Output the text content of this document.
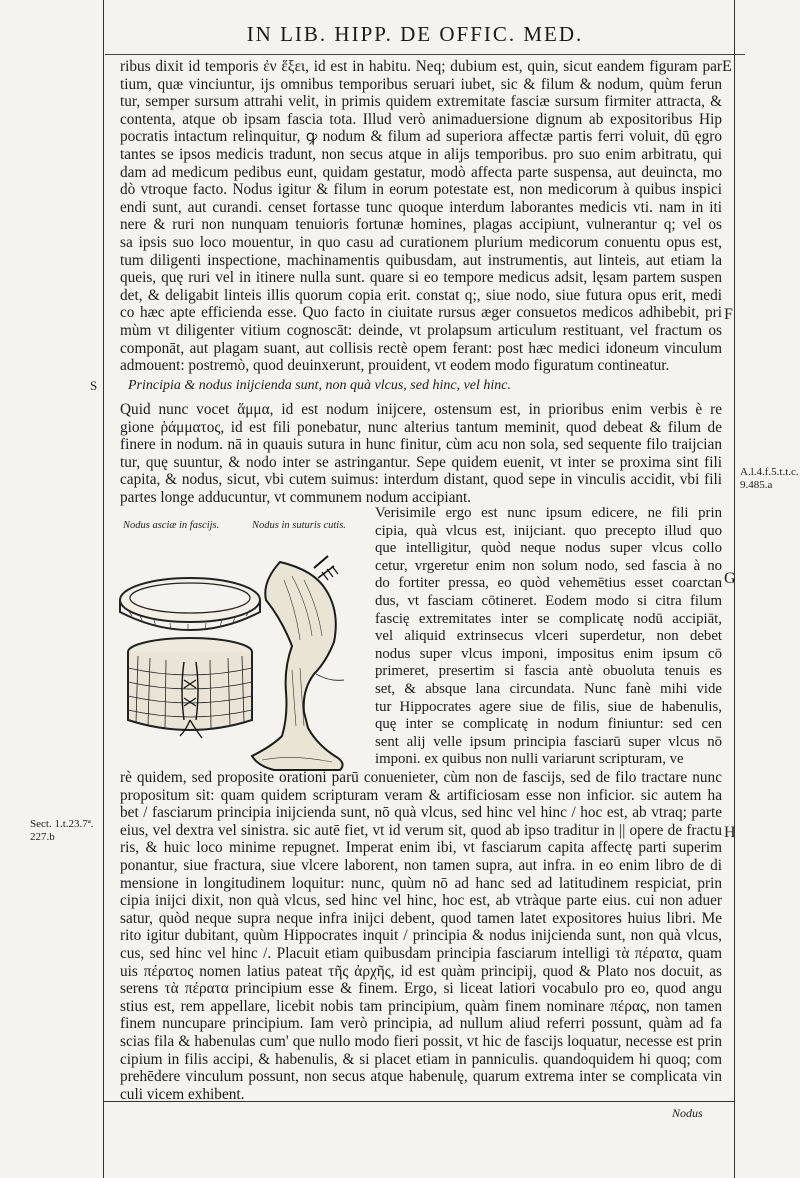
IN LIB. HIPP. DE OFFIC. MED.
ribus dixit id temporis ἐν ἕξει, id est in habitu. Neq; dubium est, quin, sicut eandem figuram par
tium, quæ vinciuntur, ijs omnibus temporibus seruari iubet, sic & filum & nodum, quùm ferun
tur, semper sursum attrahi velit, in primis quidem extremitate fasciæ sursum firmiter attracta, &
contenta, atque ob ipsam fascia tota. Illud verò animaduersione dignum ab expositoribus Hip
pocratis intactum relinquitur, ꝙ nodum & filum ad superiora affectæ partis ferri voluit, dū ęgro
tantes se ipsos medicis tradunt, non secus atque in alijs temporibus. pro suo enim arbitratu, qui
dam ad medicum pedibus eunt, quidam gestatur, modò affecta parte suspensa, aut deuincta, mo
dò vtroque facto. Nodus igitur & filum in eorum potestate est, non medicorum à quibus inspici
endi sunt, aut curandi. censet fortasse tunc quoque interdum laborantes medicis vti. nam in iti
nere & ruri non nunquam tenuioris fortunæ homines, plagas accipiunt, vulnerantur q; vel os
sa ipsis suo loco mouentur, in quo casu ad curationem plurium medicorum conuentu opus est,
tum diligenti inspectione, machinamentis quibusdam, aut instrumentis, aut linteis, aut etiam la
queis, quę ruri vel in itinere nulla sunt. quare si eo tempore medicus adsit, lęsam partem suspen
det, & deligabit linteis illis quorum copia erit. constat q;, siue nodo, siue futura opus erit, medi
co hæc apte efficienda esse. Quo facto in ciuitate rursus æger consuetos medicos adhibebit, pri
mùm vt diligenter vitium cognoscāt: deinde, vt prolapsum articulum restituant, vel fractum os
componāt, aut plagam suant, aut collisis rectè opem ferant: post hæc medici idoneum vinculum
admouent: postremò, quod deuinxerunt, prouident, vt eodem modo figuratum contineatur.
Principia & nodus inijcienda sunt, non quà vlcus, sed hinc, vel hinc.
Quid nunc vocet ἅμμα, id est nodum inijcere, ostensum est, in prioribus enim verbis è re
gione ῥάμματος, id est fili ponebatur, nunc alterius tantum meminit, quod debeat & filum de
finere in nodum. nā in quauis sutura in hunc finitur, cùm acu non sola, sed sequente filo traijcian
tur, quę suuntur, & nodo inter se astringantur. Sepe quidem euenit, vt inter se proxima sint fili
capita, & nodus, sicut, vbi cutem suimus: interdum distant, quod sepe in vinculis accidit, vbi fili
partes longe adducuntur, vt communem nodum accipiant.
Nodus asciæ in fascijs.	Nodus in suturis cutis.
Verisimile ergo est nunc ipsum edicere, ne fili prin
cipia, quà vlcus est, inijciant. quo precepto illud quo
que intelligitur, quòd neque nodus super vlcus collo
cetur, vrgeretur enim non solum nodo, sed fascia à no
do fortiter pressa, eo quòd vehemētius esset coarctan
dus, vt fasciam cōtineret. Eodem modo si citra filum
fascię extremitates inter se complicatę nodū accipiāt,
vel aliquid extrinsecus vlceri superdetur, non debet
nodus super vlcus imponi, impositus enim ipsum cō
primeret, presertim si fascia antè obuoluta tenuis es
set, & absque lana circundata. Nunc fanè mihi vide
tur Hippocrates agere siue de filis, siue de habenulis,
quę inter se complicatę in nodum finiuntur: sed cen
sent alij velle ipsum principia fasciarū super vlcus nō
imponi. ex quibus non nulli variarunt scripturam, ve
rè quidem, sed proposite orationi parū conuenieter, cùm non de fascijs, sed de filo tractare nunc
propositum sit: quam quidem scripturam veram & artificiosam esse non inficior. sic autem ha
bet / fasciarum principia inijcienda sunt, nō quà vlcus, sed hinc vel hinc / hoc est, ab vtraq; parte
eius, vel dextra vel sinistra. sic autē fiet, vt id verum sit, quod ab ipso traditur in || opere de fractu
ris, & huic loco minime repugnet. Imperat enim ibi, vt fasciarum capita affectę parti superim
ponantur, siue fractura, siue vlcere laborent, non tamen supra, aut infra. in eo enim libro de di
mensione in longitudinem loquitur: nunc, quùm nō ad hanc sed ad latitudinem respiciat, prin
cipia inijci dixit, non quà vlcus, sed hinc vel hinc, hoc est, ab vtràque parte eius. cui non aduer
satur, quòd neque supra neque infra inijci debent, quod tamen latet expositores huius libri. Me
rito igitur dubitant, quùm Hippocrates inquit / principia & nodus inijcienda sunt, non quà vlcus,
cus, sed hinc vel hinc /. Placuit etiam quibusdam principia fasciarum intelligi τὰ πέρατα, quam
uis πέρατος nomen latius pateat τῆς ἀρχῆς, id est quàm principij, quod & Plato nos docuit, as
serens τὰ πέρατα principium esse & finem. Ergo, si liceat latiori vocabulo pro eo, quod angu
stius est, rem appellare, licebit nobis tam principium, quàm finem nominare πέρας, non tamen
finem nuncupare principium. Iam verò principia, ad nullum aliud referri possunt, quàm ad fa
scias fila & habenulas cum' que nullo modo fieri possit, vt hic de fascijs loquatur, necesse est prin
cipium in filis accipi, & habenulis, & si placet etiam in panniculis. quandoquidem hi quoq; com
prehēdere vinculum possunt, non secus atque habenulę, quarum extrema inter se complicata vin
culi vicem exhibent.
E
F
G
H
S
A.l.4.f.5.t.t.c.
9.485.a
Sect. 1.t.23.7ª.
227.b
Nodus
